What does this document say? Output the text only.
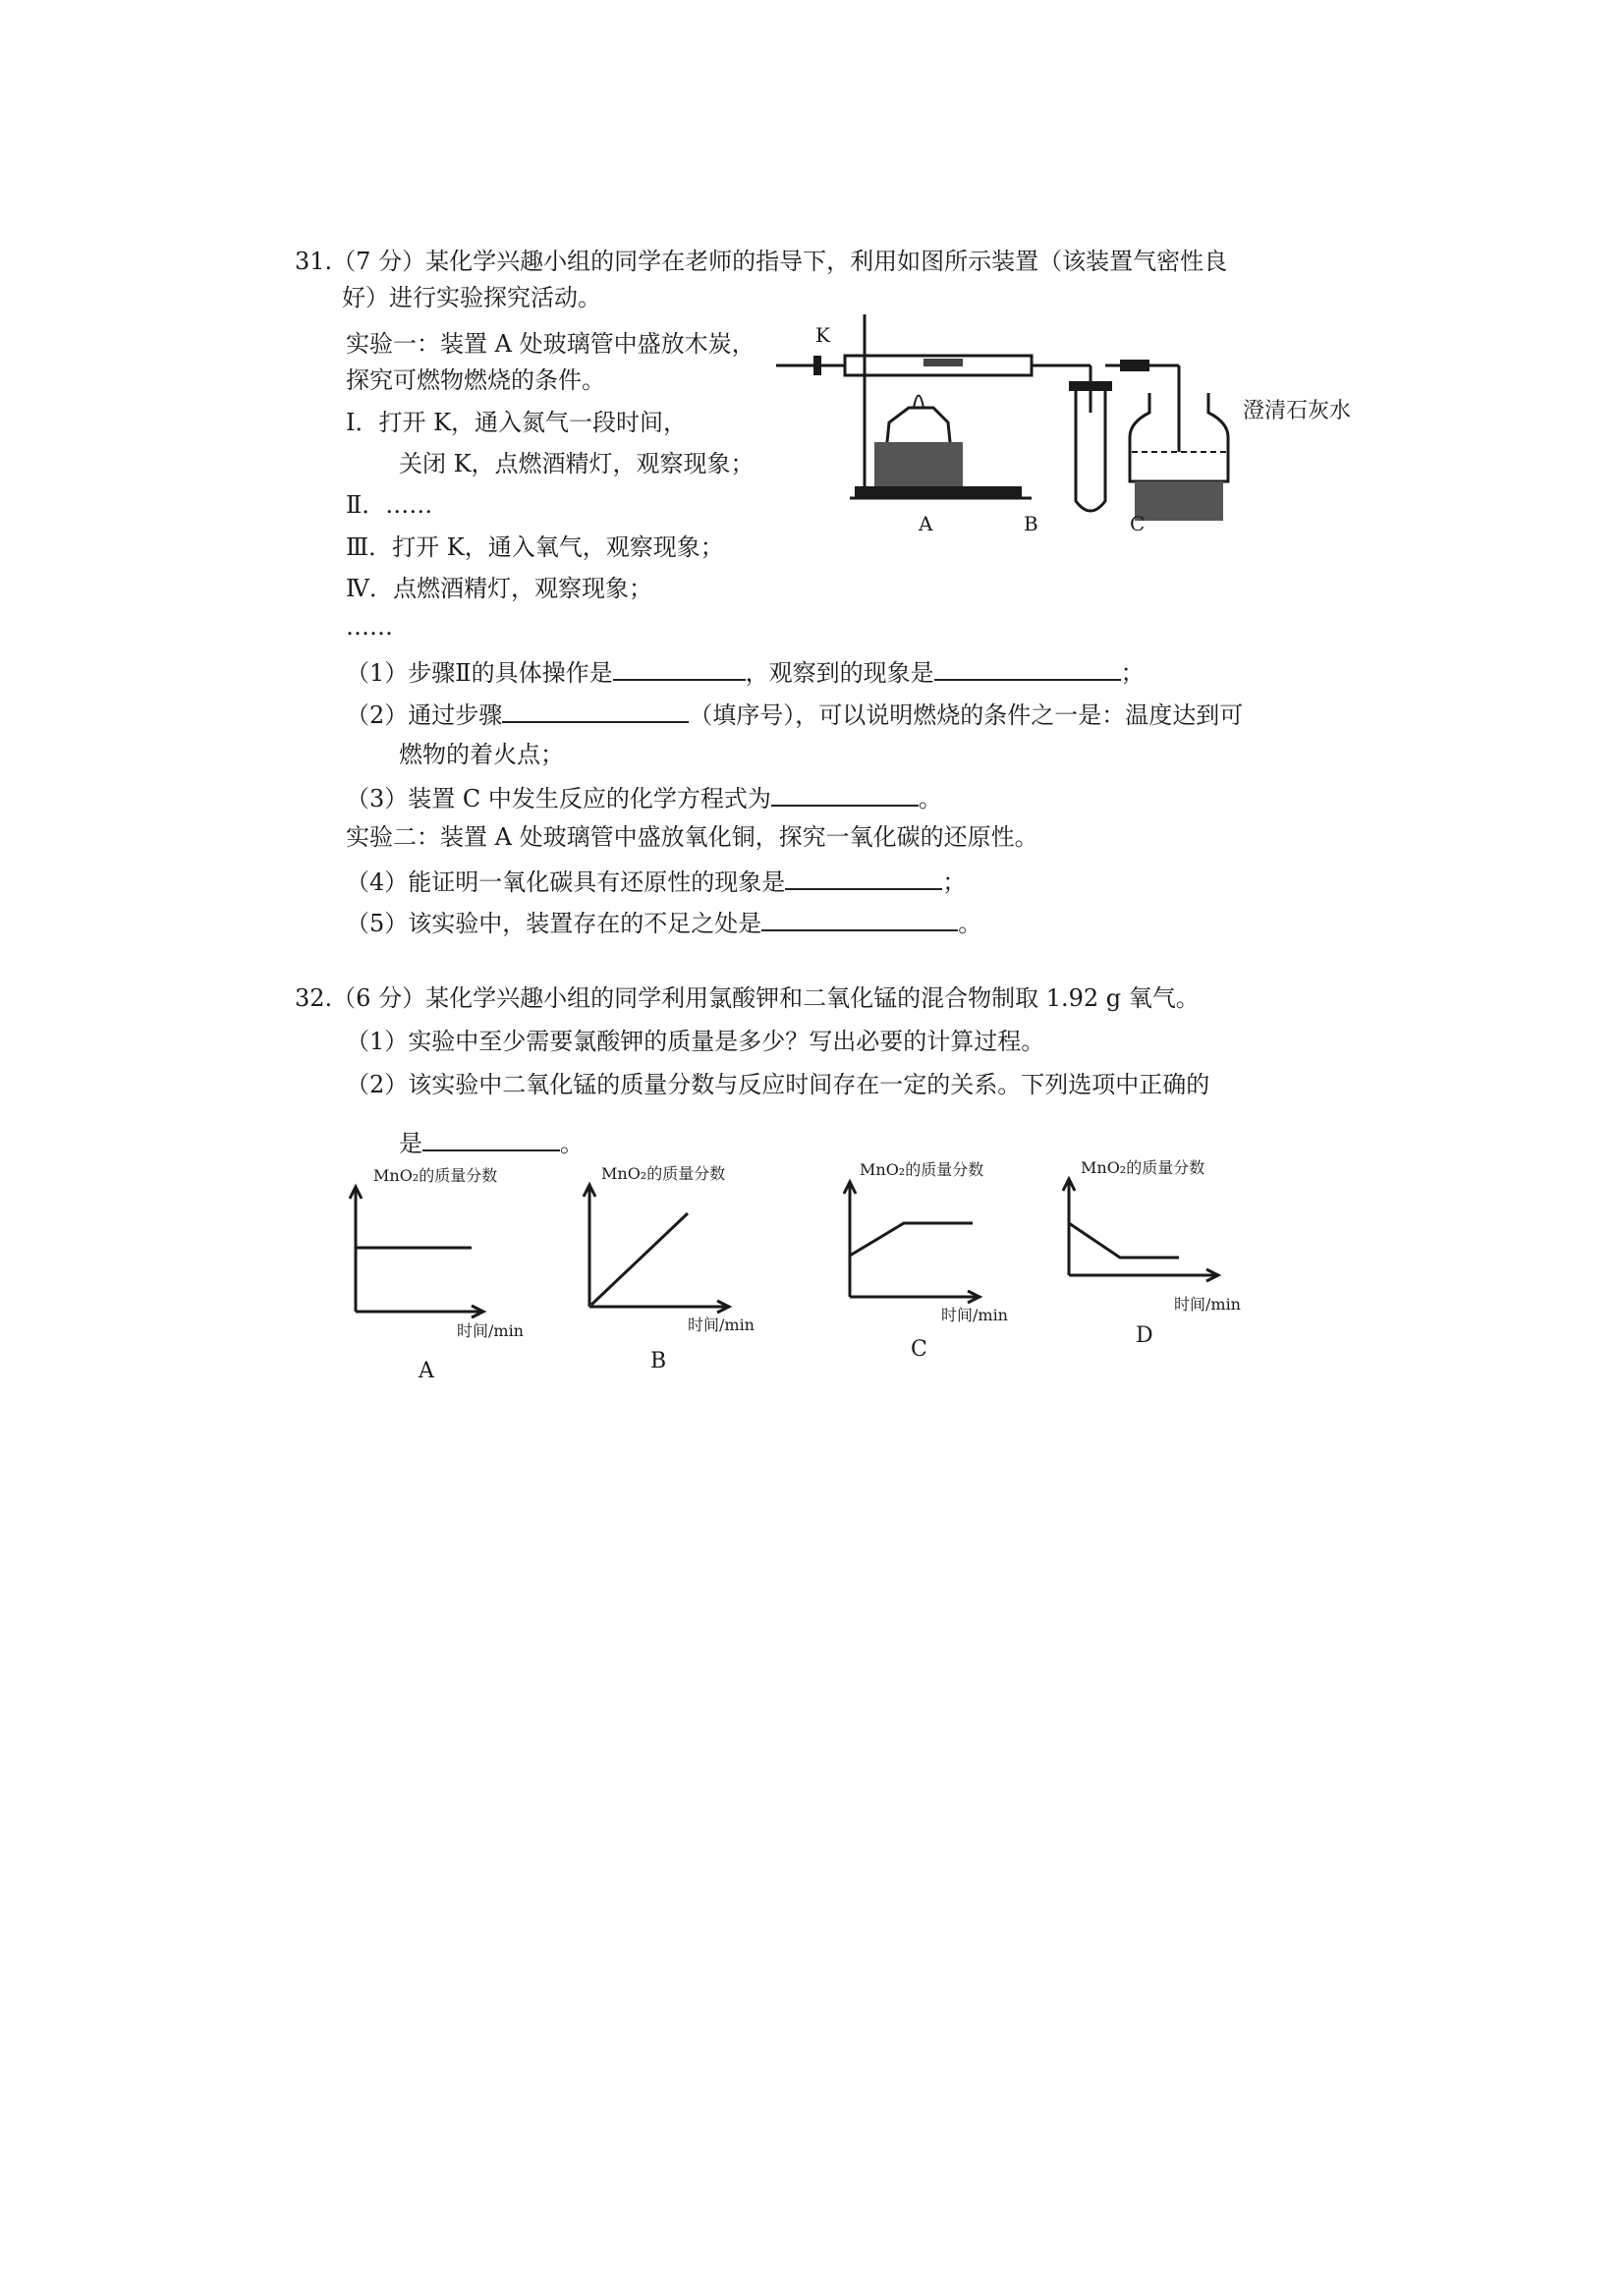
31.（7 分）某化学兴趣小组的同学在老师的指导下，利用如图所示装置（该装置气密性良
好）进行实验探究活动。
实验一：装置 A 处玻璃管中盛放木炭，
探究可燃物燃烧的条件。
Ⅰ．打开 K，通入氮气一段时间，
关闭 K，点燃酒精灯，观察现象；
Ⅱ．……
Ⅲ．打开 K，通入氧气，观察现象；
Ⅳ．点燃酒精灯，观察现象；
……
（1）步骤Ⅱ的具体操作是	，观察到的现象是	；
（2）通过步骤	（填序号），可以说明燃烧的条件之一是：温度达到可
燃物的着火点；
（3）装置 C 中发生反应的化学方程式为	。
实验二：装置 A 处玻璃管中盛放氧化铜，探究一氧化碳的还原性。
（4）能证明一氧化碳具有还原性的现象是	；
（5）该实验中，装置存在的不足之处是	。
K
澄清石灰水
A	B	C
32.（6 分）某化学兴趣小组的同学利用氯酸钾和二氧化锰的混合物制取 1.92 g 氧气。
（1）实验中至少需要氯酸钾的质量是多少？写出必要的计算过程。
（2）该实验中二氧化锰的质量分数与反应时间存在一定的关系。下列选项中正确的
是	。
MnO₂的质量分数
时间/min
A
MnO₂的质量分数
时间/min
B
MnO₂的质量分数
时间/min
C
MnO₂的质量分数
时间/min
D
